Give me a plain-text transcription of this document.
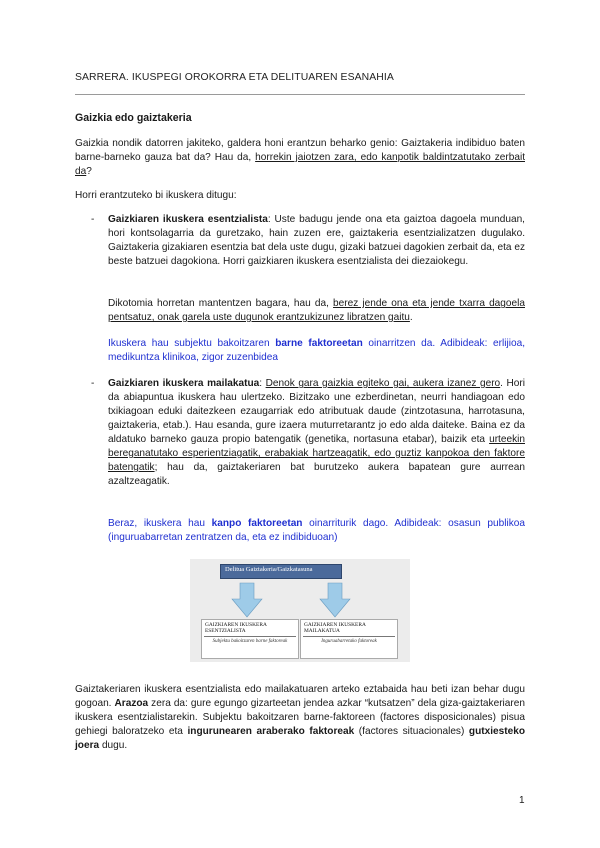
SARRERA. IKUSPEGI OROKORRA ETA DELITUAREN ESANAHIA
Gaizkia edo gaiztakeria

Gaizkia nondik datorren jakiteko, galdera honi erantzun beharko genio: Gaiztakeria indibiduo baten barne-barneko gauza bat da? Hau da, horrekin jaiotzen zara, edo kanpotik baldintzatutako zerbait da?

Horri erantzuteko bi ikuskera ditugu:

- Gaizkiaren ikuskera esentzialista: Uste badugu jende ona eta gaiztoa dagoela munduan, hori kontsolagarria da guretzako, hain zuzen ere, gaiztakeria esentzializatzen dugulako. Gaiztakeria gizakiaren esentzia bat dela uste dugu, gizaki batzuei dagokien zerbait da, eta ez beste batzuei dagokiona. Horri gaizkiaren ikuskera esentzialista dei diezaiokegu.

Dikotomia horretan mantentzen bagara, hau da, berez jende ona eta jende txarra dagoela pentsatuz, onak garela uste dugunok erantzukizunez libratzen gaitu.

Ikuskera hau subjektu bakoitzaren barne faktoreetan oinarritzen da. Adibideak: erlijioa, medikuntza klinikoa, zigor zuzenbidea

- Gaizkiaren ikuskera mailakatua: Denok gara gaizkia egiteko gai, aukera izanez gero. Hori da abiapuntua ikuskera hau ulertzeko. Bizitzako une ezberdinetan, neurri handiagoan edo txikiagoan eduki daitezkeen ezaugarriak edo atributuak daude (zintzotasuna, harrotasuna, gaiztakeria, etab.). Hau esanda, gure izaera muturretarantz jo edo alda daiteke. Baina ez da aldatuko barneko gauza propio batengatik (genetika, nortasuna etabar), baizik eta urteekin bereganatutako esperientziagatik, erabakiak hartzeagatik, edo guztiz kanpokoa den faktore batengatik; hau da, gaiztakeriaren bat burutzeko aukera bapatean gure aurrean azaltzeagatik.

Beraz, ikuskera hau kanpo faktoreetan oinarriturik dago. Adibideak: osasun publikoa (inguruabarretan zentratzen da, eta ez indibiduoan)

Delitua Gaiztakeria/Gaizkatasuna
GAIZKIAREN IKUSKERA ESENTZIALISTA
Subjektu bakoitzaren barne faktoreak
GAIZKIAREN IKUSKERA MAILAKATUA
Inguruabarretako faktoreak

Gaiztakeriaren ikuskera esentzialista edo mailakatuaren arteko eztabaida hau beti izan behar dugu gogoan. Arazoa zera da: gure egungo gizarteetan jendea azkar “kutsatzen” dela giza-gaiztakeriaren ikuskera esentzialistarekin. Subjektu bakoitzaren barne-faktoreen (factores disposicionales) pisua gehiegi baloratzeko eta ingurunearen araberako faktoreak (factores situacionales) gutxiesteko joera dugu.

1
